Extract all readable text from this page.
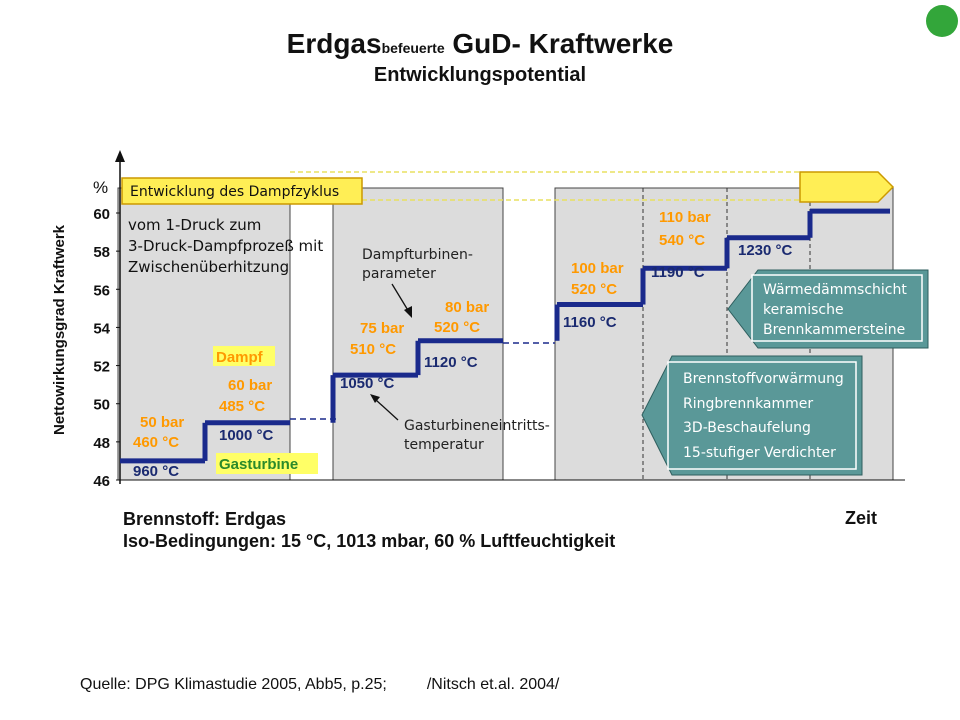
Erdgasbefeuerte GuD- Kraftwerke
Entwicklungspotential
Nettowirkungsgrad Kraftwerk
%
46
48
50
52
54
56
58
60
Entwicklung des Dampfzyklus
vom 1-Druck zum
3-Druck-Dampfprozeß mit
Zwischenüberhitzung
Dampf
Gasturbine
50 bar
460 °C
60 bar
485 °C
75 bar
510 °C
80 bar
520 °C
100 bar
520 °C
110 bar
540 °C
960 °C
1000 °C
1050 °C
1120 °C
1160 °C
1190 °C
1230 °C
Dampfturbinen-
parameter
Gasturbineneintritts-
temperatur
Wärmedämmschicht
keramische
Brennkammersteine
Brennstoffvorwärmung
Ringbrennkammer
3D-Beschaufelung
15-stufiger Verdichter
Brennstoff: Erdgas
Iso-Bedingungen: 15 °C, 1013 mbar, 60 % Luftfeuchtigkeit
Zeit
Quelle: DPG Klimastudie 2005, Abb5, p.25;	/Nitsch et.al. 2004/
